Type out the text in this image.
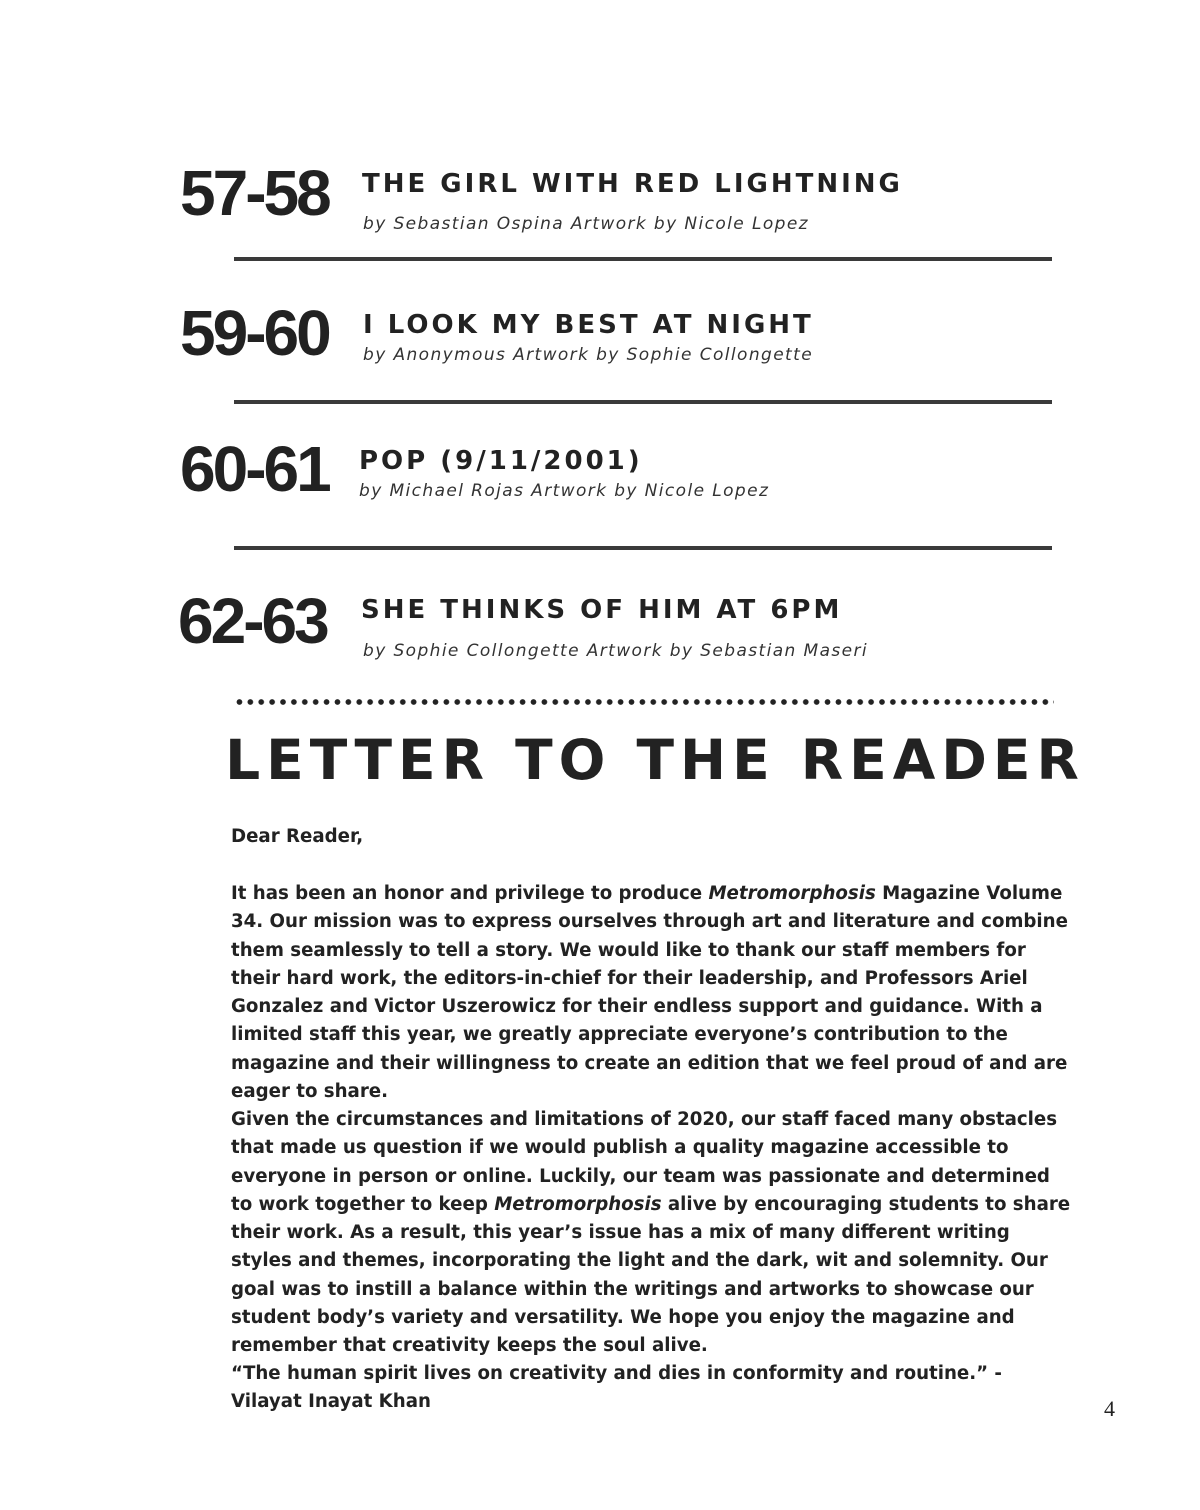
57-58 THE GIRL WITH RED LIGHTNING
by Sebastian Ospina Artwork by Nicole Lopez
59-60 I LOOK MY BEST AT NIGHT
by Anonymous Artwork by Sophie Collongette
60-61 POP (9/11/2001)
by Michael Rojas Artwork by Nicole Lopez
62-63 SHE THINKS OF HIM AT 6PM
by Sophie Collongette Artwork by Sebastian Maseri
LETTER TO THE READER
Dear Reader,

It has been an honor and privilege to produce Metromorphosis Magazine Volume 34. Our mission was to express ourselves through art and literature and combine them seamlessly to tell a story. We would like to thank our staff members for their hard work, the editors-in-chief for their leadership, and Professors Ariel Gonzalez and Victor Uszerowicz for their endless support and guidance. With a limited staff this year, we greatly appreciate everyone’s contribution to the magazine and their willingness to create an edition that we feel proud of and are eager to share.

Given the circumstances and limitations of 2020, our staff faced many obstacles that made us question if we would publish a quality magazine accessible to everyone in person or online. Luckily, our team was passionate and determined to work together to keep Metromorphosis alive by encouraging students to share their work. As a result, this year’s issue has a mix of many different writing styles and themes, incorporating the light and the dark, wit and solemnity. Our goal was to instill a balance within the writings and artworks to showcase our student body’s variety and versatility. We hope you enjoy the magazine and remember that creativity keeps the soul alive.

“The human spirit lives on creativity and dies in conformity and routine.” - Vilayat Inayat Khan	4
